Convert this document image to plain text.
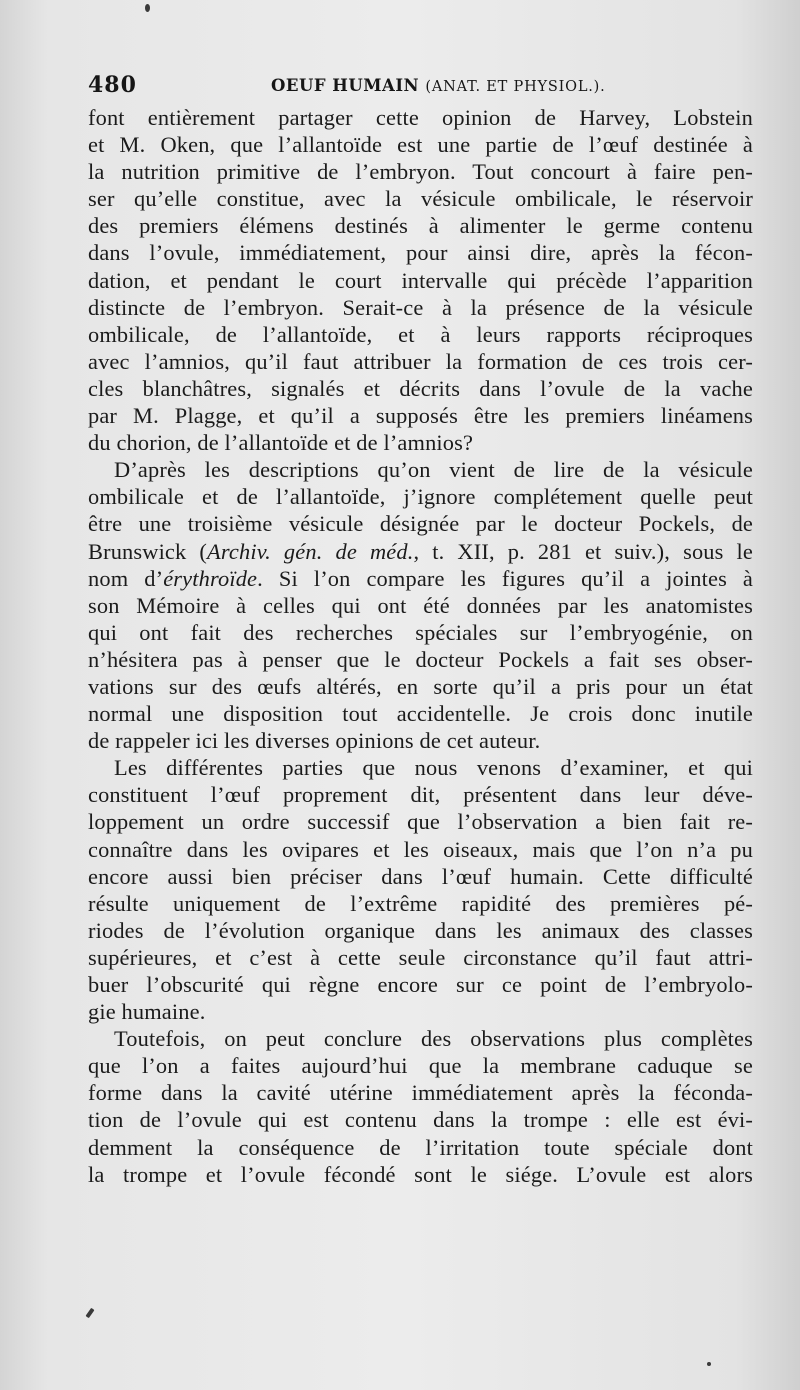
480	OEUF HUMAIN (ANAT. ET PHYSIOL.).
font entièrement partager cette opinion de Harvey, Lobstein
et M. Oken, que l’allantoïde est une partie de l’œuf destinée à
la nutrition primitive de l’embryon. Tout concourt à faire pen-
ser qu’elle constitue, avec la vésicule ombilicale, le réservoir
des premiers élémens destinés à alimenter le germe contenu
dans l’ovule, immédiatement, pour ainsi dire, après la fécon-
dation, et pendant le court intervalle qui précède l’apparition
distincte de l’embryon. Serait-ce à la présence de la vésicule
ombilicale, de l’allantoïde, et à leurs rapports réciproques
avec l’amnios, qu’il faut attribuer la formation de ces trois cer-
cles blanchâtres, signalés et décrits dans l’ovule de la vache
par M. Plagge, et qu’il a supposés être les premiers linéamens
du chorion, de l’allantoïde et de l’amnios?
D’après les descriptions qu’on vient de lire de la vésicule
ombilicale et de l’allantoïde, j’ignore complétement quelle peut
être une troisième vésicule désignée par le docteur Pockels, de
Brunswick (Archiv. gén. de méd., t. XII, p. 281 et suiv.), sous le
nom d’érythroïde. Si l’on compare les figures qu’il a jointes à
son Mémoire à celles qui ont été données par les anatomistes
qui ont fait des recherches spéciales sur l’embryogénie, on
n’hésitera pas à penser que le docteur Pockels a fait ses obser-
vations sur des œufs altérés, en sorte qu’il a pris pour un état
normal une disposition tout accidentelle. Je crois donc inutile
de rappeler ici les diverses opinions de cet auteur.
Les différentes parties que nous venons d’examiner, et qui
constituent l’œuf proprement dit, présentent dans leur déve-
loppement un ordre successif que l’observation a bien fait re-
connaître dans les ovipares et les oiseaux, mais que l’on n’a pu
encore aussi bien préciser dans l’œuf humain. Cette difficulté
résulte uniquement de l’extrême rapidité des premières pé-
riodes de l’évolution organique dans les animaux des classes
supérieures, et c’est à cette seule circonstance qu’il faut attri-
buer l’obscurité qui règne encore sur ce point de l’embryolo-
gie humaine.
Toutefois, on peut conclure des observations plus complètes
que l’on a faites aujourd’hui que la membrane caduque se
forme dans la cavité utérine immédiatement après la féconda-
tion de l’ovule qui est contenu dans la trompe : elle est évi-
demment la conséquence de l’irritation toute spéciale dont
la trompe et l’ovule fécondé sont le siége. L’ovule est alors
